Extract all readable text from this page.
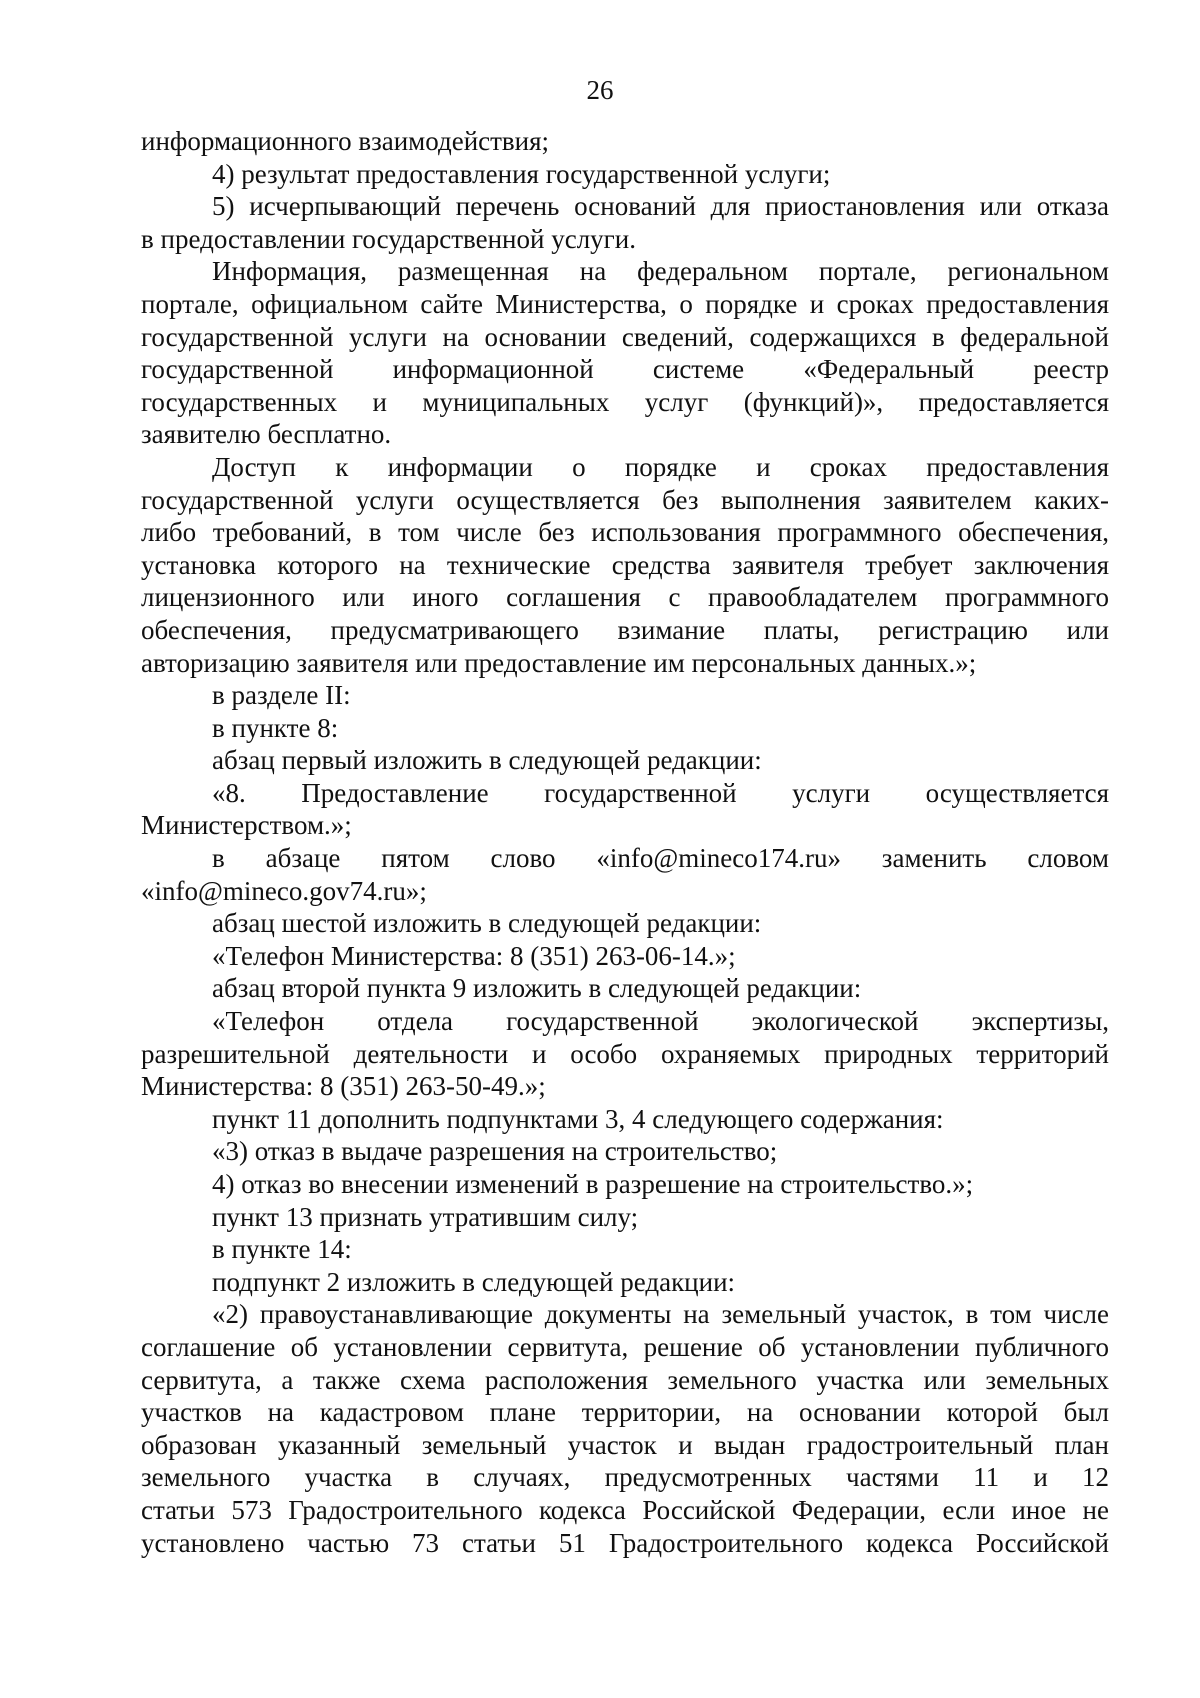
26
информационного взаимодействия;
4) результат предоставления государственной услуги;
5) исчерпывающий перечень оснований для приостановления или отказа
в предоставлении государственной услуги.
Информация, размещенная на федеральном портале, региональном
портале, официальном сайте Министерства, о порядке и сроках предоставления
государственной услуги на основании сведений, содержащихся в федеральной
государственной информационной системе «Федеральный реестр
государственных и муниципальных услуг (функций)», предоставляется
заявителю бесплатно.
Доступ к информации о порядке и сроках предоставления
государственной услуги осуществляется без выполнения заявителем каких-
либо требований, в том числе без использования программного обеспечения,
установка которого на технические средства заявителя требует заключения
лицензионного или иного соглашения с правообладателем программного
обеспечения, предусматривающего взимание платы, регистрацию или
авторизацию заявителя или предоставление им персональных данных.»;
в разделе II:
в пункте 8:
абзац первый изложить в следующей редакции:
«8. Предоставление государственной услуги осуществляется
Министерством.»;
в абзаце пятом слово «info@mineco174.ru» заменить словом
«info@mineco.gov74.ru»;
абзац шестой изложить в следующей редакции:
«Телефон Министерства: 8 (351) 263-06-14.»;
абзац второй пункта 9 изложить в следующей редакции:
«Телефон отдела государственной экологической экспертизы,
разрешительной деятельности и особо охраняемых природных территорий
Министерства: 8 (351) 263-50-49.»;
пункт 11 дополнить подпунктами 3, 4 следующего содержания:
«3) отказ в выдаче разрешения на строительство;
4) отказ во внесении изменений в разрешение на строительство.»;
пункт 13 признать утратившим силу;
в пункте 14:
подпункт 2 изложить в следующей редакции:
«2) правоустанавливающие документы на земельный участок, в том числе
соглашение об установлении сервитута, решение об установлении публичного
сервитута, а также схема расположения земельного участка или земельных
участков на кадастровом плане территории, на основании которой был
образован указанный земельный участок и выдан градостроительный план
земельного участка в случаях, предусмотренных частями 11 и 12
статьи 573 Градостроительного кодекса Российской Федерации, если иное не
установлено частью 73 статьи 51 Градостроительного кодекса Российской
